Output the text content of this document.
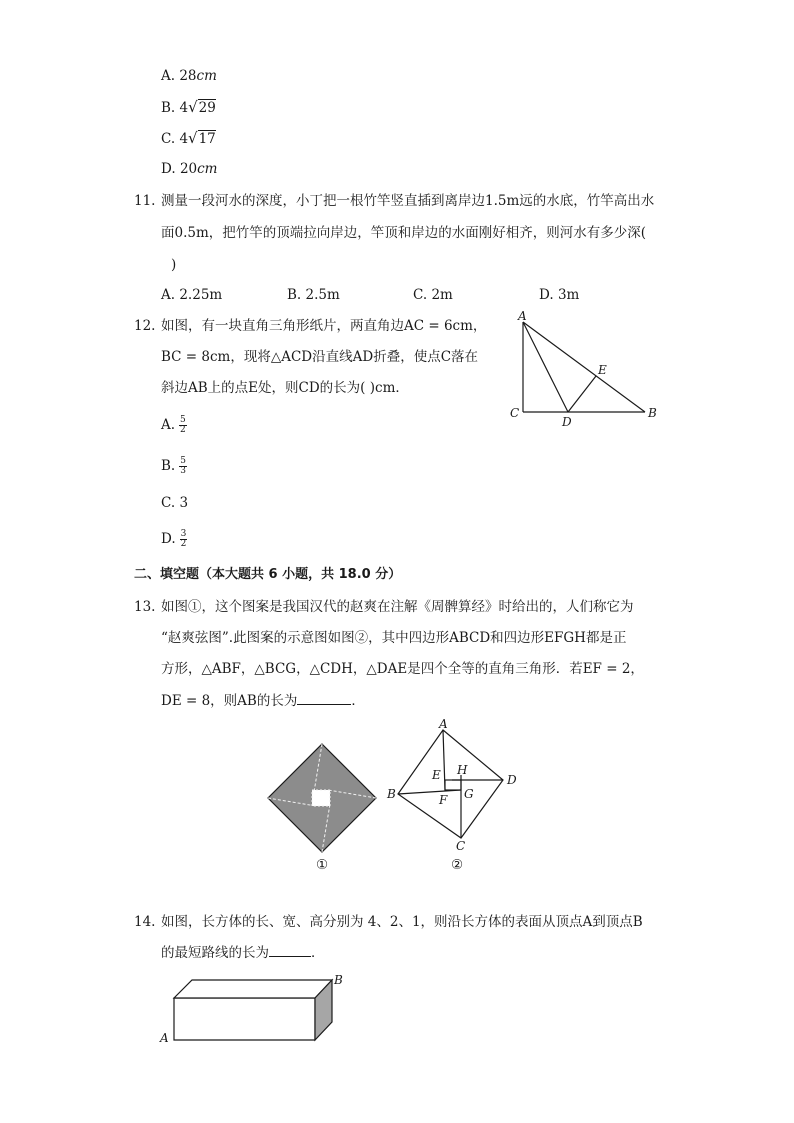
A. 28cm
B. 4√29
C. 4√17
D. 20cm
11. 测量一段河水的深度，小丁把一根竹竿竖直插到离岸边1.5m远的水底，竹竿高出水
面0.5m，把竹竿的顶端拉向岸边，竿顶和岸边的水面刚好相齐，则河水有多少深(
)
A. 2.25m	B. 2.5m	C. 2m	D. 3m
12. 如图，有一块直角三角形纸片，两直角边AC = 6cm，
BC = 8cm，现将△ACD沿直线AD折叠，使点C落在
斜边AB上的点E处，则CD的长为( )cm．
A. $\frac{5}{2}$
B. $\frac{5}{3}$
C. 3
D. $\frac{3}{2}$
A
C
D
E
B
二、填空题（本大题共 6 小题，共 18.0 分）
13. 如图①，这个图案是我国汉代的赵爽在注解《周髀算经》时给出的，人们称它为
“赵爽弦图”.此图案的示意图如图②，其中四边形ABCD和四边形EFGH都是正
方形，△ABF，△BCG，△CDH，△DAE是四个全等的直角三角形．若EF = 2，
DE = 8，则AB的长为	．
①
A
B
C
D
E
F G
H
②
14. 如图，长方体的长、宽、高分别为 4、2、1，则沿长方体的表面从顶点A到顶点B
的最短路线的长为	．
A
B
